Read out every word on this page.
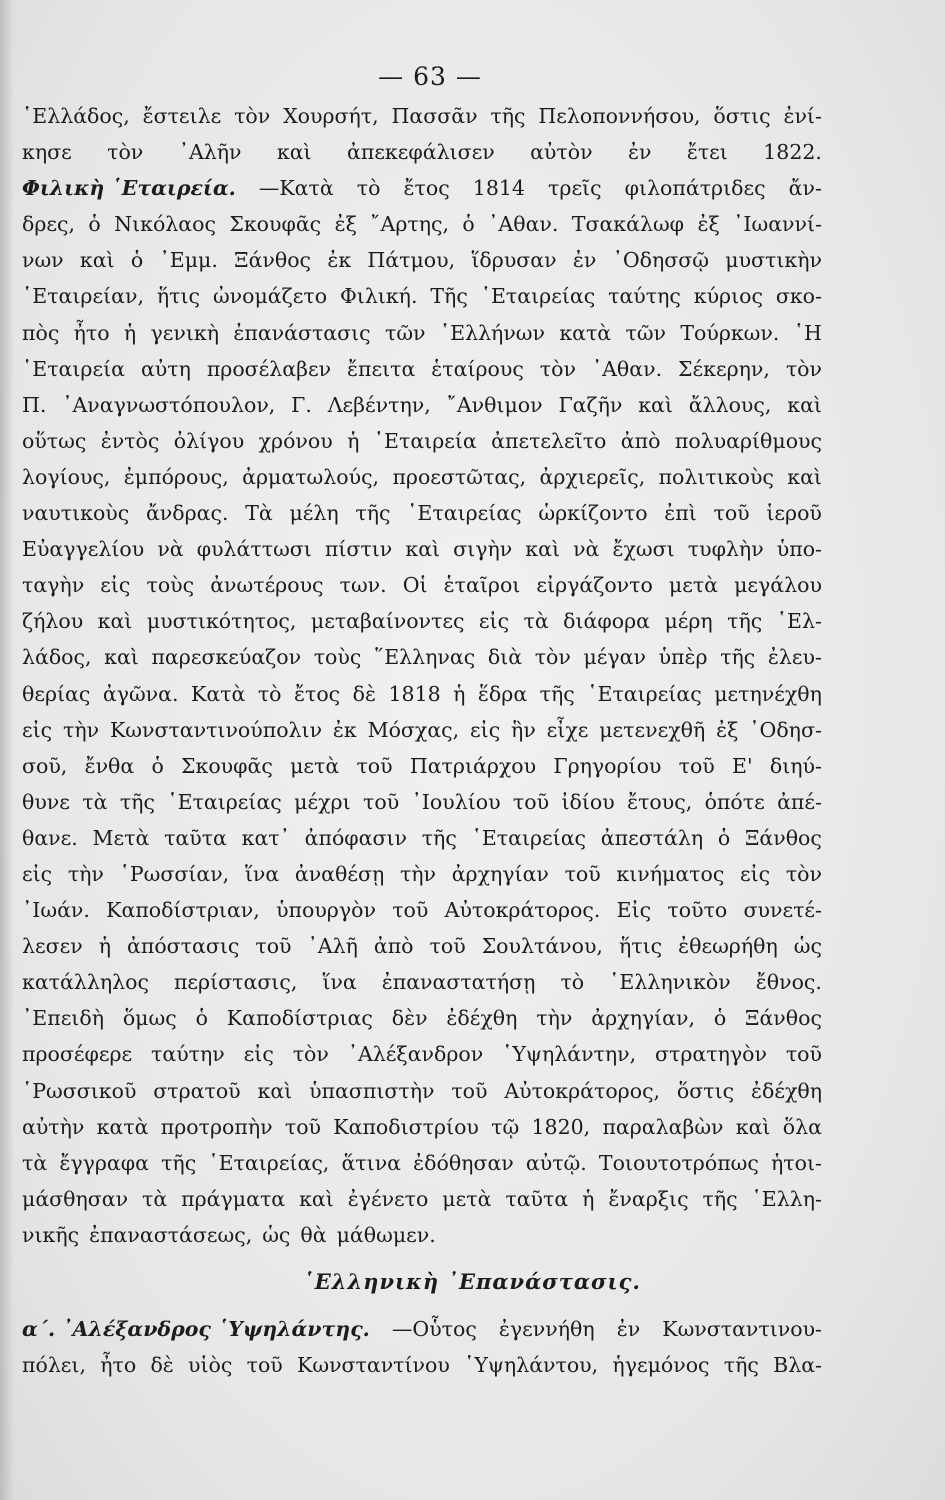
— 63 —
῾Ελλάδος, ἔστειλε τὸν Χουρσήτ, Πασσᾶν τῆς Πελοποννήσου, ὅστις ἐνί-
κησε τὸν ᾿Αλῆν καὶ ἀπεκεφάλισεν αὐτὸν ἐν ἔτει 1822.
Φιλικὴ ῾Εταιρεία. —Κατὰ τὸ ἔτος 1814 τρεῖς φιλοπάτριδες ἄν-
δρες, ὁ Νικόλαος Σκουφᾶς ἐξ ῎Αρτης, ὁ ᾿Αθαν. Τσακάλωφ ἐξ ᾿Ιωαννί-
νων καὶ ὁ ᾿Εμμ. Ξάνθος ἐκ Πάτμου, ἵδρυσαν ἐν ᾿Οδησσῷ μυστικὴν
῾Εταιρείαν, ἥτις ὠνομάζετο Φιλική. Τῆς ῾Εταιρείας ταύτης κύριος σκο-
πὸς ἦτο ἡ γενικὴ ἐπανάστασις τῶν ῾Ελλήνων κατὰ τῶν Τούρκων. ῾Η
῾Εταιρεία αὐτη προσέλαβεν ἔπειτα ἑταίρους τὸν ᾿Αθαν. Σέκερην, τὸν
Π. ᾿Αναγνωστόπουλον, Γ. Λεβέντην, ῎Ανθιμον Γαζῆν καὶ ἄλλους, καὶ
οὕτως ἐντὸς ὀλίγου χρόνου ἡ ῾Εταιρεία ἀπετελεῖτο ἀπὸ πολυαρίθμους
λογίους, ἐμπόρους, ἀρματωλούς, προεστῶτας, ἀρχιερεῖς, πολιτικοὺς καὶ
ναυτικοὺς ἄνδρας. Τὰ μέλη τῆς ῾Εταιρείας ὡρκίζοντο ἐπὶ τοῦ ἱεροῦ
Εὐαγγελίου νὰ φυλάττωσι πίστιν καὶ σιγὴν καὶ νὰ ἔχωσι τυφλὴν ὑπο-
ταγὴν εἰς τοὺς ἀνωτέρους των. Οἱ ἑταῖροι εἰργάζοντο μετὰ μεγάλου
ζήλου καὶ μυστικότητος, μεταβαίνοντες εἰς τὰ διάφορα μέρη τῆς ῾Ελ-
λάδος, καὶ παρεσκεύαζον τοὺς ῞Ελληνας διὰ τὸν μέγαν ὑπὲρ τῆς ἐλευ-
θερίας ἀγῶνα. Κατὰ τὸ ἔτος δὲ 1818 ἡ ἕδρα τῆς ῾Εταιρείας μετηνέχθη
εἰς τὴν Κωνσταντινούπολιν ἐκ Μόσχας, εἰς ἣν εἶχε μετενεχθῆ ἐξ ᾿Οδησ-
σοῦ, ἔνθα ὁ Σκουφᾶς μετὰ τοῦ Πατριάρχου Γρηγορίου τοῦ Ε' διηύ-
θυνε τὰ τῆς ῾Εταιρείας μέχρι τοῦ ᾿Ιουλίου τοῦ ἰδίου ἔτους, ὁπότε ἀπέ-
θανε. Μετὰ ταῦτα κατ᾿ ἀπόφασιν τῆς ῾Εταιρείας ἀπεστάλη ὁ Ξάνθος
εἰς τὴν ῾Ρωσσίαν, ἵνα ἀναθέσῃ τὴν ἀρχηγίαν τοῦ κινήματος εἰς τὸν
᾿Ιωάν. Καποδίστριαν, ὑπουργὸν τοῦ Αὐτοκράτορος. Εἰς τοῦτο συνετέ-
λεσεν ἡ ἀπόστασις τοῦ ᾿Αλῆ ἀπὸ τοῦ Σουλτάνου, ἥτις ἐθεωρήθη ὡς
κατάλληλος περίστασις, ἵνα ἐπαναστατήσῃ τὸ ῾Ελληνικὸν ἔθνος.
᾿Επειδὴ ὅμως ὁ Καποδίστριας δὲν ἐδέχθη τὴν ἀρχηγίαν, ὁ Ξάνθος
προσέφερε ταύτην εἰς τὸν ᾿Αλέξανδρον ῾Υψηλάντην, στρατηγὸν τοῦ
῾Ρωσσικοῦ στρατοῦ καὶ ὑπασπιστὴν τοῦ Αὐτοκράτορος, ὅστις ἐδέχθη
αὐτὴν κατὰ προτροπὴν τοῦ Καποδιστρίου τῷ 1820, παραλαβὼν καὶ ὅλα
τὰ ἔγγραφα τῆς ῾Εταιρείας, ἅτινα ἐδόθησαν αὐτῷ. Τοιουτοτρόπως ἡτοι-
μάσθησαν τὰ πράγματα καὶ ἐγένετο μετὰ ταῦτα ἡ ἔναρξις τῆς ῾Ελλη-
νικῆς ἐπαναστάσεως, ὡς θὰ μάθωμεν.
῾Ελληνικὴ ᾿Επανάστασις.
α΄. ᾿Αλέξανδρος ῾Υψηλάντης. —Οὗτος ἐγεννήθη ἐν Κωνσταντινου-
πόλει, ἦτο δὲ υἱὸς τοῦ Κωνσταντίνου ῾Υψηλάντου, ἡγεμόνος τῆς Βλα-
